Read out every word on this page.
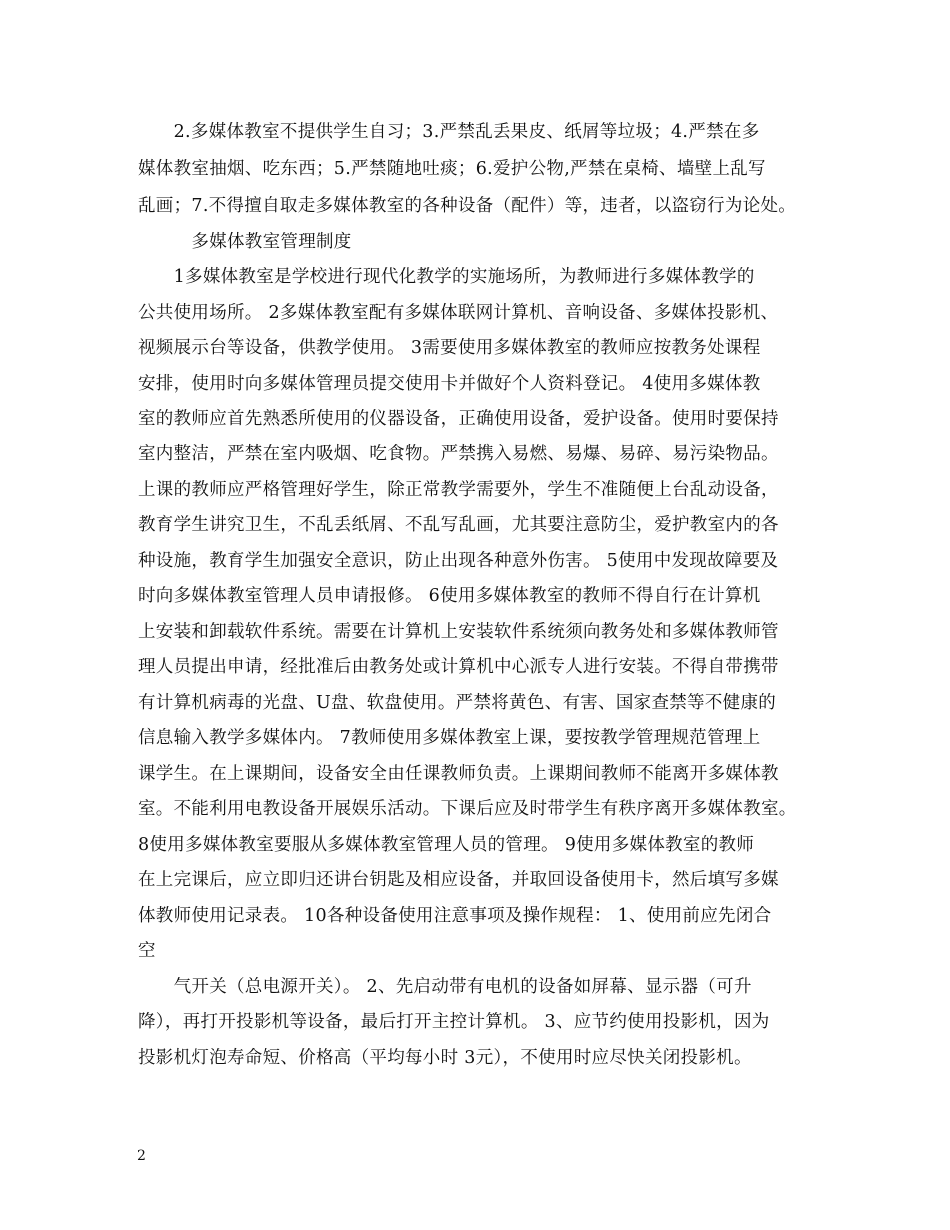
　　2.多媒体教室不提供学生自习；3.严禁乱丢果皮、纸屑等垃圾；4.严禁在多
媒体教室抽烟、吃东西；5.严禁随地吐痰；6.爱护公物,严禁在桌椅、墙壁上乱写
乱画；7.不得擅自取走多媒体教室的各种设备（配件）等，违者，以盗窃行为论处。
　　　多媒体教室管理制度
　　1多媒体教室是学校进行现代化教学的实施场所，为教师进行多媒体教学的
公共使用场所。 2多媒体教室配有多媒体联网计算机、音响设备、多媒体投影机、
视频展示台等设备，供教学使用。 3需要使用多媒体教室的教师应按教务处课程
安排，使用时向多媒体管理员提交使用卡并做好个人资料登记。 4使用多媒体教
室的教师应首先熟悉所使用的仪器设备，正确使用设备，爱护设备。使用时要保持
室内整洁，严禁在室内吸烟、吃食物。严禁携入易燃、易爆、易碎、易污染物品。
上课的教师应严格管理好学生，除正常教学需要外，学生不准随便上台乱动设备，
教育学生讲究卫生，不乱丢纸屑、不乱写乱画，尤其要注意防尘，爱护教室内的各
种设施，教育学生加强安全意识，防止出现各种意外伤害。 5使用中发现故障要及
时向多媒体教室管理人员申请报修。 6使用多媒体教室的教师不得自行在计算机
上安装和卸载软件系统。需要在计算机上安装软件系统须向教务处和多媒体教师管
理人员提出申请，经批准后由教务处或计算机中心派专人进行安装。不得自带携带
有计算机病毒的光盘、U盘、软盘使用。严禁将黄色、有害、国家查禁等不健康的
信息输入教学多媒体内。 7教师使用多媒体教室上课，要按教学管理规范管理上
课学生。在上课期间，设备安全由任课教师负责。上课期间教师不能离开多媒体教
室。不能利用电教设备开展娱乐活动。下课后应及时带学生有秩序离开多媒体教室。
8使用多媒体教室要服从多媒体教室管理人员的管理。 9使用多媒体教室的教师
在上完课后，应立即归还讲台钥匙及相应设备，并取回设备使用卡，然后填写多媒
体教师使用记录表。 10各种设备使用注意事项及操作规程： 1、使用前应先闭合
空
　　气开关（总电源开关）。 2、先启动带有电机的设备如屏幕、显示器（可升
降），再打开投影机等设备，最后打开主控计算机。 3、应节约使用投影机，因为
投影机灯泡寿命短、价格高（平均每小时 3元），不使用时应尽快关闭投影机。
2
